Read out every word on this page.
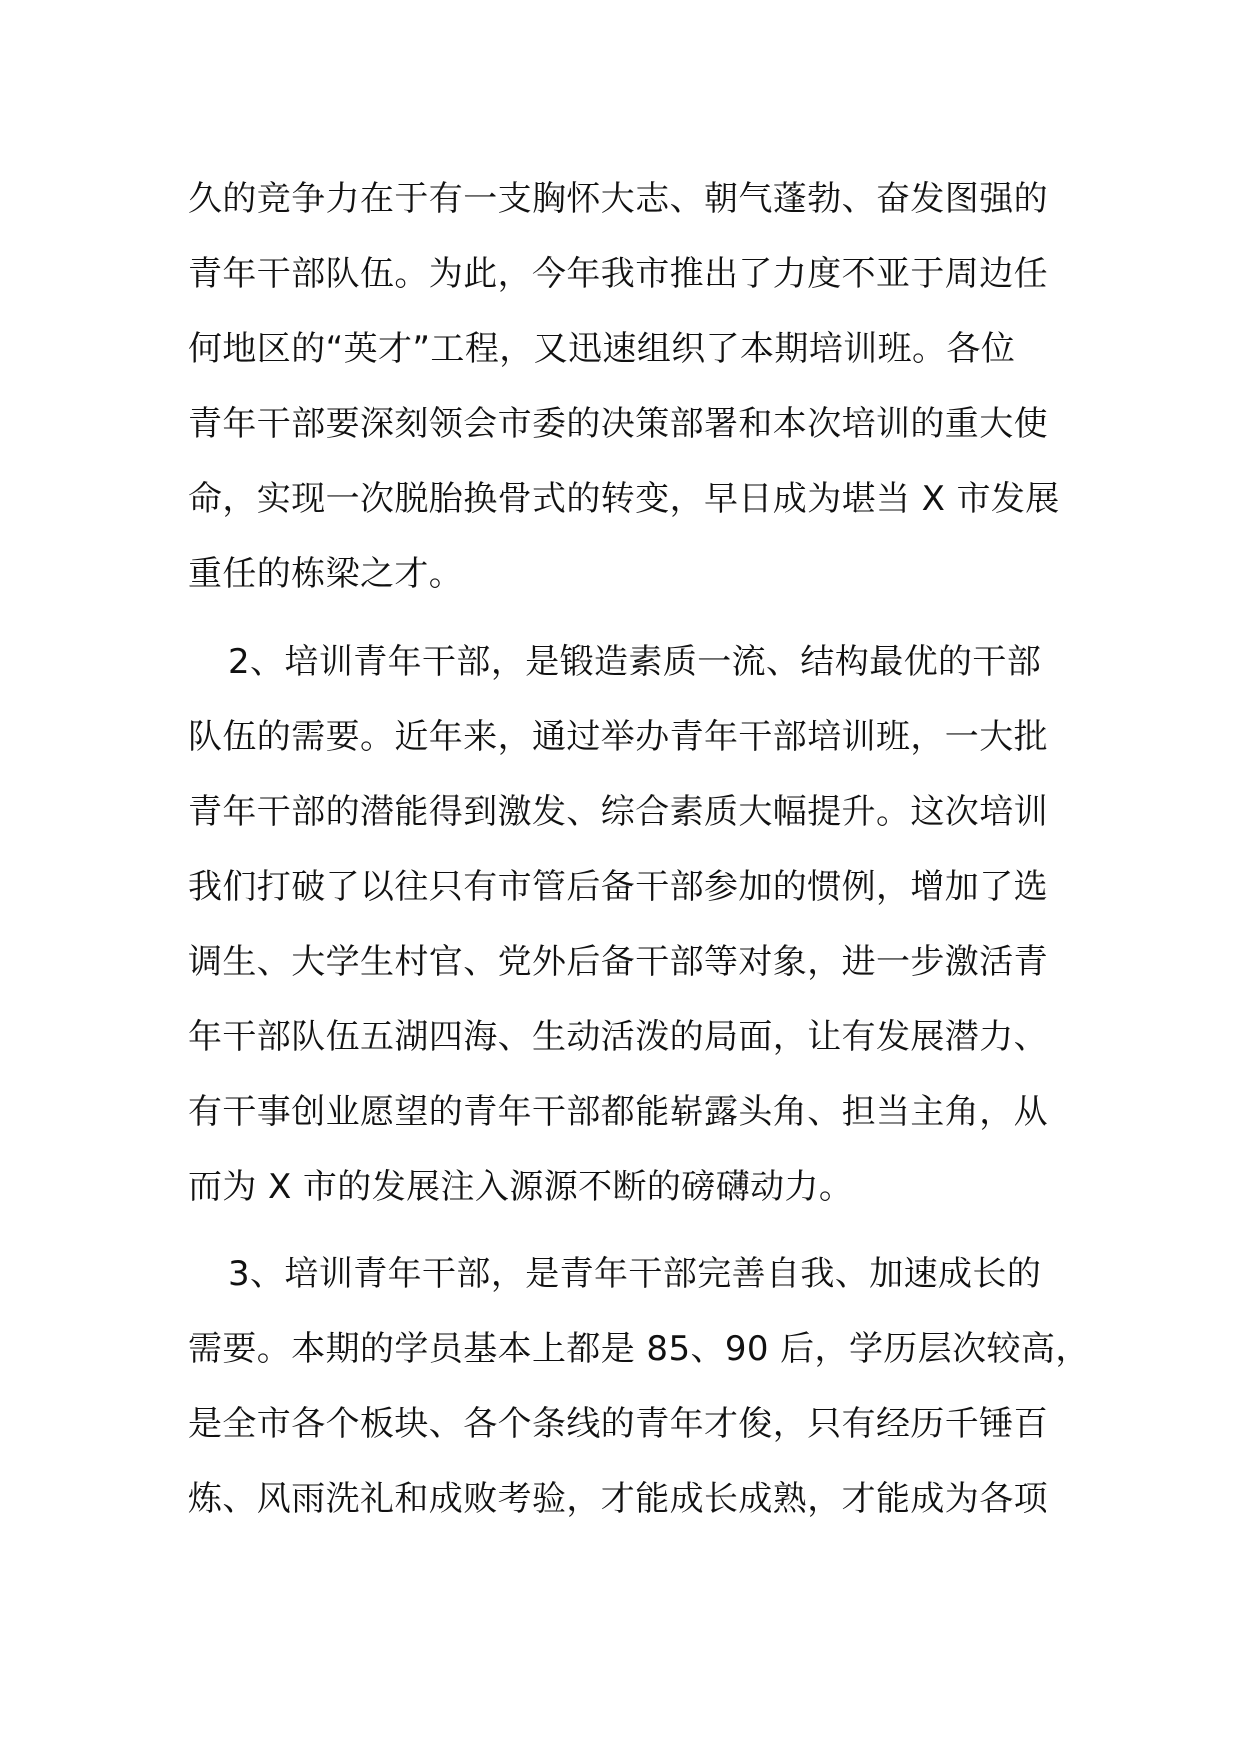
久的竞争力在于有一支胸怀大志、朝气蓬勃、奋发图强的
青年干部队伍。为此，今年我市推出了力度不亚于周边任
何地区的“英才”工程，又迅速组织了本期培训班。各位
青年干部要深刻领会市委的决策部署和本次培训的重大使
命，实现一次脱胎换骨式的转变，早日成为堪当 X 市发展
重任的栋梁之才。
2、培训青年干部，是锻造素质一流、结构最优的干部
队伍的需要。近年来，通过举办青年干部培训班，一大批
青年干部的潜能得到激发、综合素质大幅提升。这次培训
我们打破了以往只有市管后备干部参加的惯例，增加了选
调生、大学生村官、党外后备干部等对象，进一步激活青
年干部队伍五湖四海、生动活泼的局面，让有发展潜力、
有干事创业愿望的青年干部都能崭露头角、担当主角，从
而为 X 市的发展注入源源不断的磅礴动力。
3、培训青年干部，是青年干部完善自我、加速成长的
需要。本期的学员基本上都是 85、90 后，学历层次较高，
是全市各个板块、各个条线的青年才俊，只有经历千锤百
炼、风雨洗礼和成败考验，才能成长成熟，才能成为各项
